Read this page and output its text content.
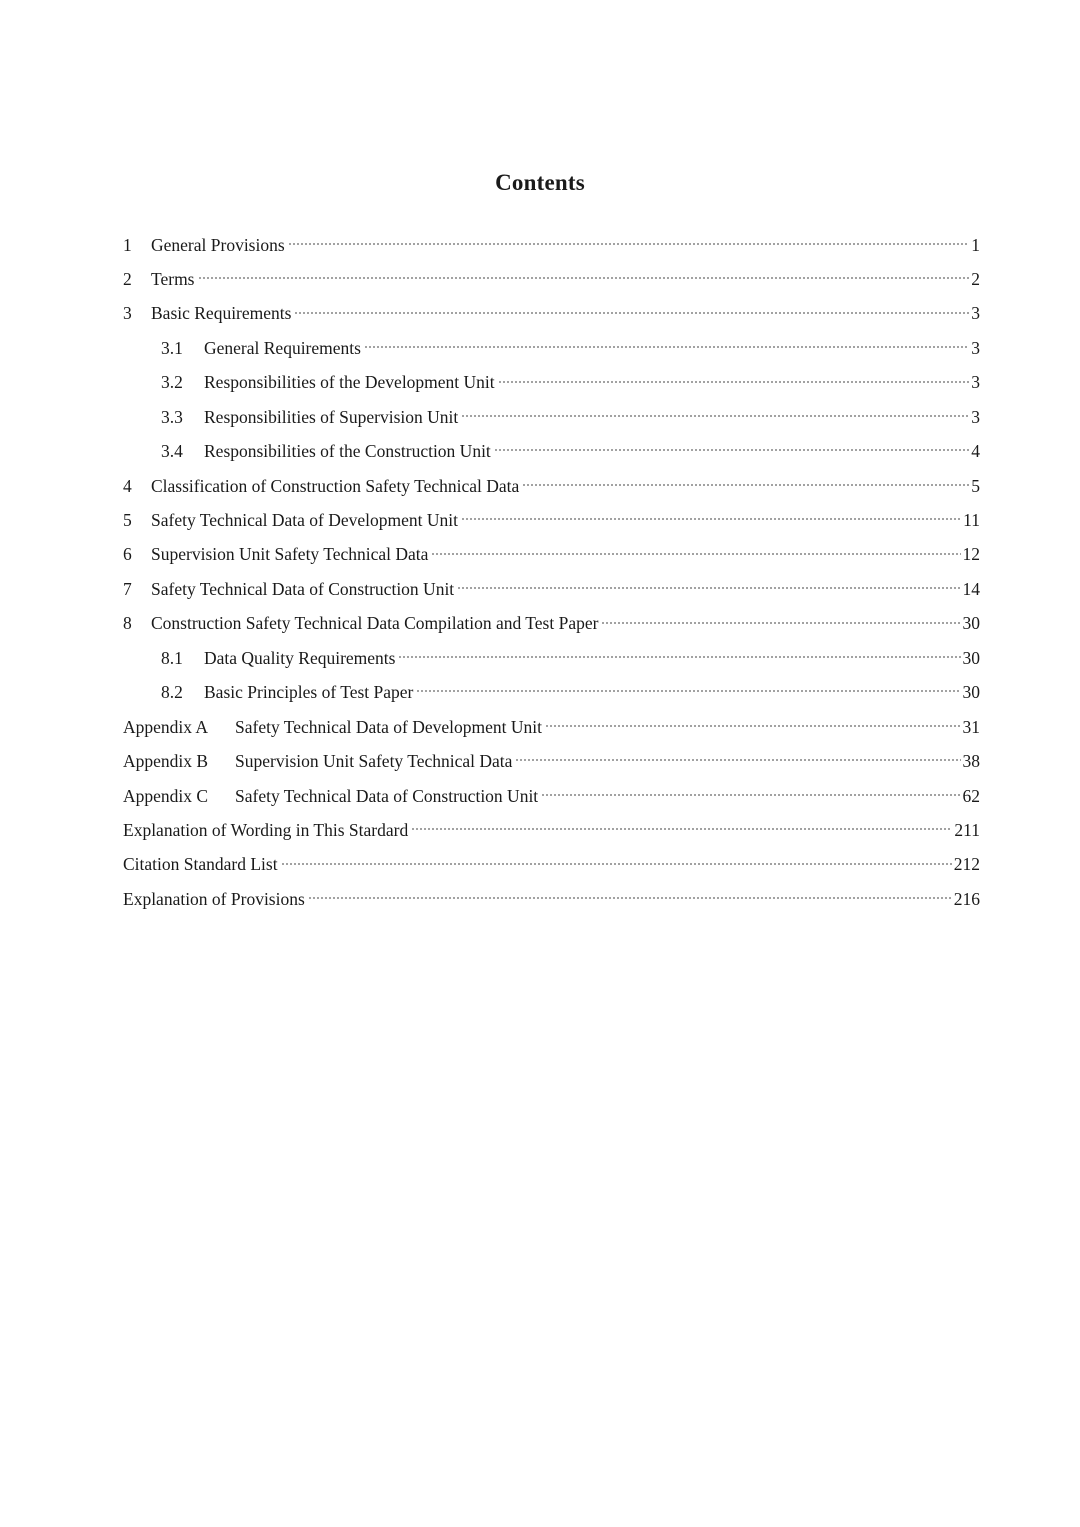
Contents
1	General Provisions	1
2	Terms	2
3	Basic Requirements	3
3.1	General Requirements	3
3.2	Responsibilities of the Development Unit	3
3.3	Responsibilities of Supervision Unit	3
3.4	Responsibilities of the Construction Unit	4
4	Classification of Construction Safety Technical Data	5
5	Safety Technical Data of Development Unit	11
6	Supervision Unit Safety Technical Data	12
7	Safety Technical Data of Construction Unit	14
8	Construction Safety Technical Data Compilation and Test Paper	30
8.1	Data Quality Requirements	30
8.2	Basic Principles of Test Paper	30
Appendix A	Safety Technical Data of Development Unit	31
Appendix B	Supervision Unit Safety Technical Data	38
Appendix C	Safety Technical Data of Construction Unit	62
Explanation of Wording in This Stardard	211
Citation Standard List	212
Explanation of Provisions	216
